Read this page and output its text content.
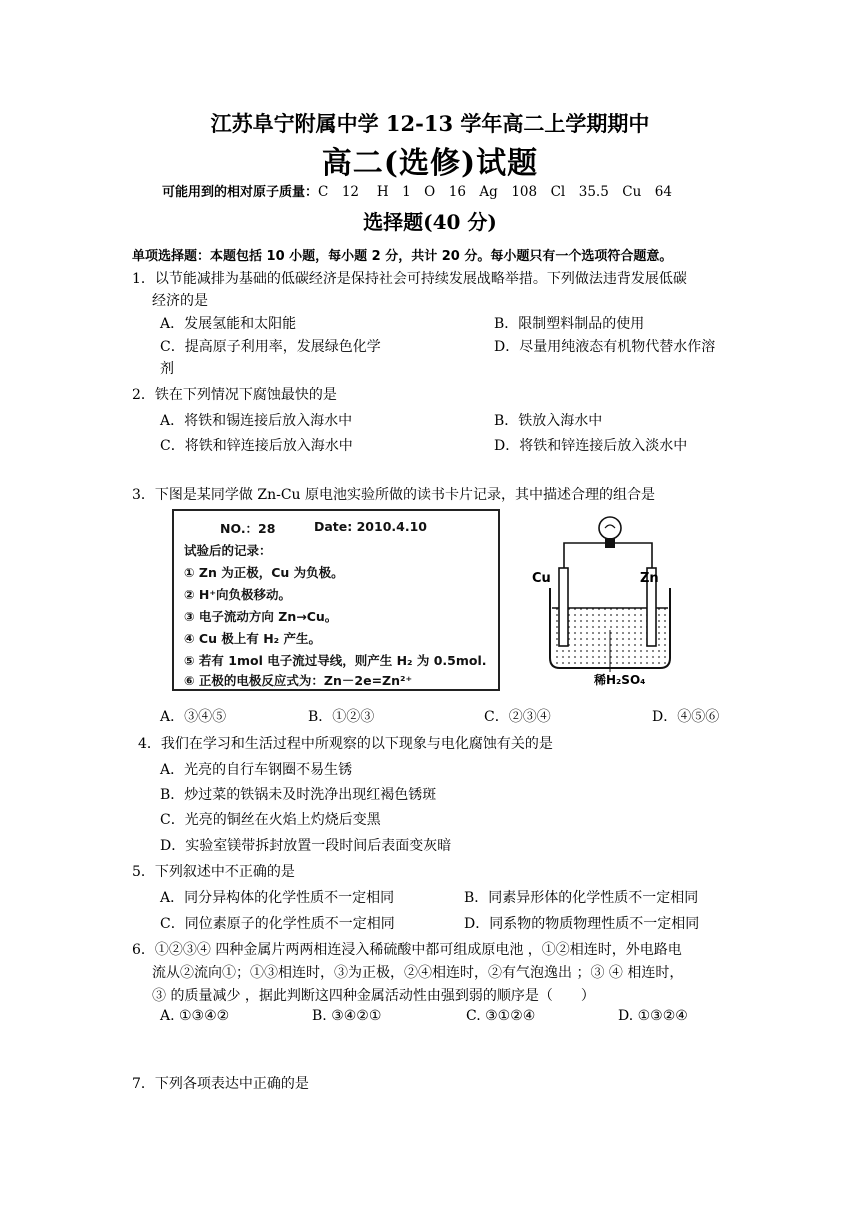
江苏阜宁附属中学 12-13 学年高二上学期期中
高二(选修)试题
可能用到的相对原子质量：C　12　 H　1　O　16　Ag　108　Cl　35.5　Cu　64
选择题(40 分)
单项选择题：本题包括 10 小题，每小题 2 分，共计 20 分。每小题只有一个选项符合题意。
1．以节能减排为基础的低碳经济是保持社会可持续发展战略举措。下列做法违背发展低碳
经济的是
A．发展氢能和太阳能	B．限制塑料制品的使用
C．提高原子利用率，发展绿色化学	D．尽量用纯液态有机物代替水作溶
剂
2．铁在下列情况下腐蚀最快的是
A．将铁和锡连接后放入海水中	B．铁放入海水中
C．将铁和锌连接后放入海水中	D．将铁和锌连接后放入淡水中
3．下图是某同学做 Zn-Cu 原电池实验所做的读书卡片记录，其中描述合理的组合是
NO.：28	Date: 2010.4.10
试验后的记录：
① Zn 为正极，Cu 为负极。
② H⁺向负极移动。
③ 电子流动方向 Zn→Cu。
④ Cu 极上有 H₂ 产生。
⑤ 若有 1mol 电子流过导线，则产生 H₂ 为 0.5mol.
⑥ 正极的电极反应式为：Zn－2e=Zn²⁺
Cu	Zn
稀H₂SO₄
A．③④⑤	B．①②③	C．②③④	D．④⑤⑥
4．我们在学习和生活过程中所观察的以下现象与电化腐蚀有关的是
A．光亮的自行车钢圈不易生锈
B．炒过菜的铁锅未及时洗净出现红褐色锈斑
C．光亮的铜丝在火焰上灼烧后变黑
D．实验室镁带拆封放置一段时间后表面变灰暗
5．下列叙述中不正确的是
A．同分异构体的化学性质不一定相同	B．同素异形体的化学性质不一定相同
C．同位素原子的化学性质不一定相同	D．同系物的物质物理性质不一定相同
6．①②③④ 四种金属片两两相连浸入稀硫酸中都可组成原电池 ，①②相连时，外电路电
流从②流向①；①③相连时，③为正极，②④相连时，②有气泡逸出 ；③ ④ 相连时，
③ 的质量减少 ，据此判断这四种金属活动性由强到弱的顺序是（　　）
A. ①③④②	B. ③④②①	C. ③①②④	D. ①③②④
7．下列各项表达中正确的是
